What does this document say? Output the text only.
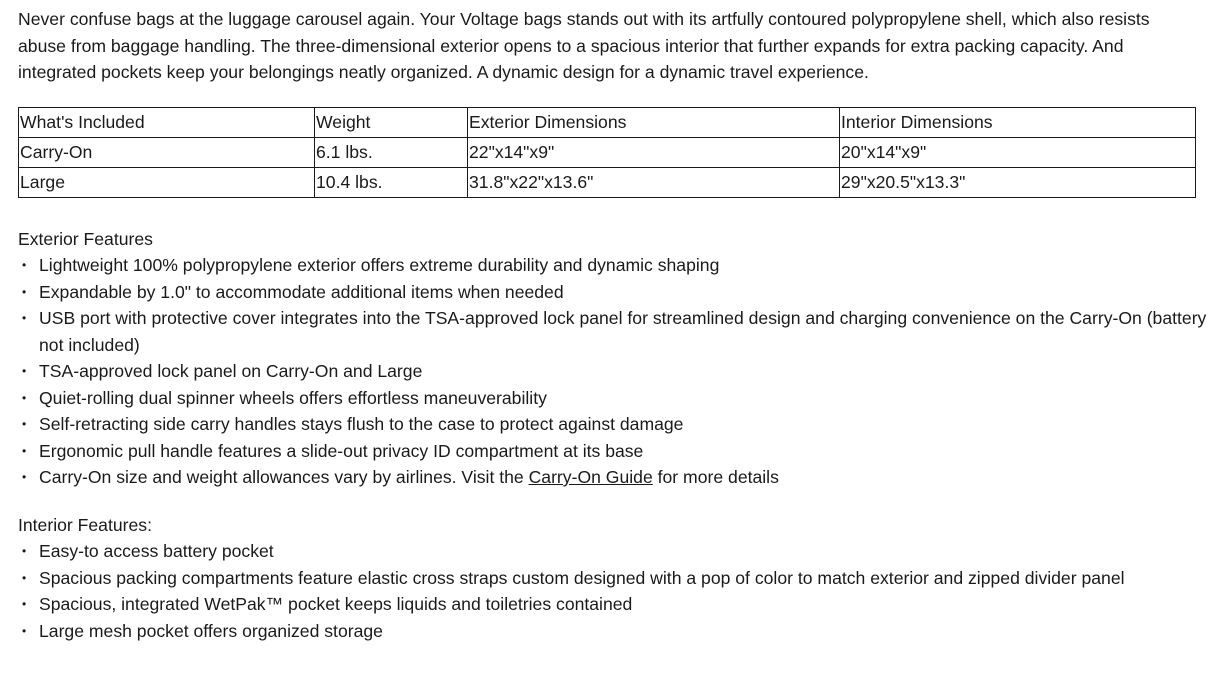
Never confuse bags at the luggage carousel again. Your Voltage bags stands out with its artfully contoured polypropylene shell, which also resists abuse from baggage handling. The three-dimensional exterior opens to a spacious interior that further expands for extra packing capacity. And integrated pockets keep your belongings neatly organized. A dynamic design for a dynamic travel experience.

What's Included	Weight	Exterior Dimensions	Interior Dimensions
Carry-On	6.1 lbs.	22"x14"x9"	20"x14"x9"
Large	10.4 lbs.	31.8"x22"x13.6"	29"x20.5"x13.3"
Exterior Features
• Lightweight 100% polypropylene exterior offers extreme durability and dynamic shaping
• Expandable by 1.0" to accommodate additional items when needed
• USB port with protective cover integrates into the TSA-approved lock panel for streamlined design and charging convenience on the Carry-On (battery not included)
• TSA-approved lock panel on Carry-On and Large
• Quiet-rolling dual spinner wheels offers effortless maneuverability
• Self-retracting side carry handles stays flush to the case to protect against damage
• Ergonomic pull handle features a slide-out privacy ID compartment at its base
• Carry-On size and weight allowances vary by airlines. Visit the Carry-On Guide for more details
Interior Features:
• Easy-to access battery pocket
• Spacious packing compartments feature elastic cross straps custom designed with a pop of color to match exterior and zipped divider panel
• Spacious, integrated WetPak™ pocket keeps liquids and toiletries contained
• Large mesh pocket offers organized storage
